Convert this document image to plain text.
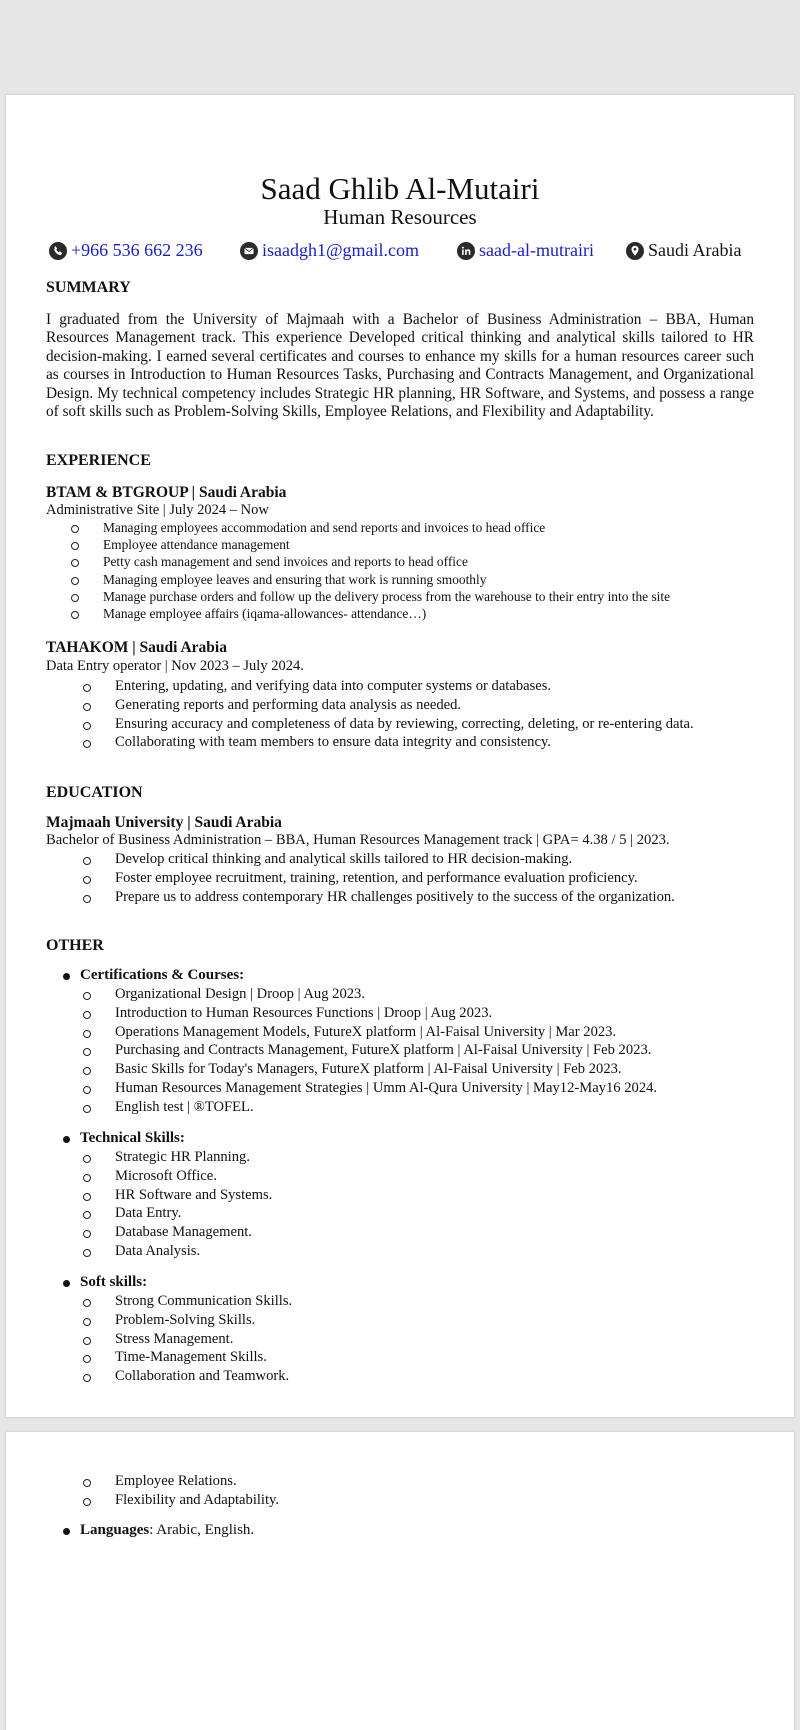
Saad Ghlib Al-Mutairi
Human Resources
+966 536 662 236	isaadgh1@gmail.com	saad-al-mutrairi	Saudi Arabia
SUMMARY
I graduated from the University of Majmaah with a Bachelor of Business Administration – BBA, Human Resources Management track. This experience Developed critical thinking and analytical skills tailored to HR decision-making. I earned several certificates and courses to enhance my skills for a human resources career such as courses in Introduction to Human Resources Tasks, Purchasing and Contracts Management, and Organizational Design. My technical competency includes Strategic HR planning, HR Software, and Systems, and possess a range of soft skills such as Problem-Solving Skills, Employee Relations, and Flexibility and Adaptability.
EXPERIENCE
BTAM & BTGROUP | Saudi Arabia
Administrative Site | July 2024 – Now
Managing employees accommodation and send reports and invoices to head office
Employee attendance management
Petty cash management and send invoices and reports to head office
Managing employee leaves and ensuring that work is running smoothly
Manage purchase orders and follow up the delivery process from the warehouse to their entry into the site
Manage employee affairs (iqama-allowances- attendance…)
TAHAKOM | Saudi Arabia
Data Entry operator | Nov 2023 – July 2024.
Entering, updating, and verifying data into computer systems or databases.
Generating reports and performing data analysis as needed.
Ensuring accuracy and completeness of data by reviewing, correcting, deleting, or re-entering data.
Collaborating with team members to ensure data integrity and consistency.
EDUCATION
Majmaah University | Saudi Arabia
Bachelor of Business Administration – BBA, Human Resources Management track | GPA= 4.38 / 5 | 2023.
Develop critical thinking and analytical skills tailored to HR decision-making.
Foster employee recruitment, training, retention, and performance evaluation proficiency.
Prepare us to address contemporary HR challenges positively to the success of the organization.
OTHER
Certifications & Courses:
Organizational Design | Droop | Aug 2023.
Introduction to Human Resources Functions | Droop | Aug 2023.
Operations Management Models, FutureX platform | Al-Faisal University | Mar 2023.
Purchasing and Contracts Management, FutureX platform | Al-Faisal University | Feb 2023.
Basic Skills for Today's Managers, FutureX platform | Al-Faisal University | Feb 2023.
Human Resources Management Strategies | Umm Al-Qura University | May12-May16 2024.
English test | ®TOFEL.
Technical Skills:
Strategic HR Planning.
Microsoft Office.
HR Software and Systems.
Data Entry.
Database Management.
Data Analysis.
Soft skills:
Strong Communication Skills.
Problem-Solving Skills.
Stress Management.
Time-Management Skills.
Collaboration and Teamwork.
Employee Relations.
Flexibility and Adaptability.
Languages: Arabic, English.
